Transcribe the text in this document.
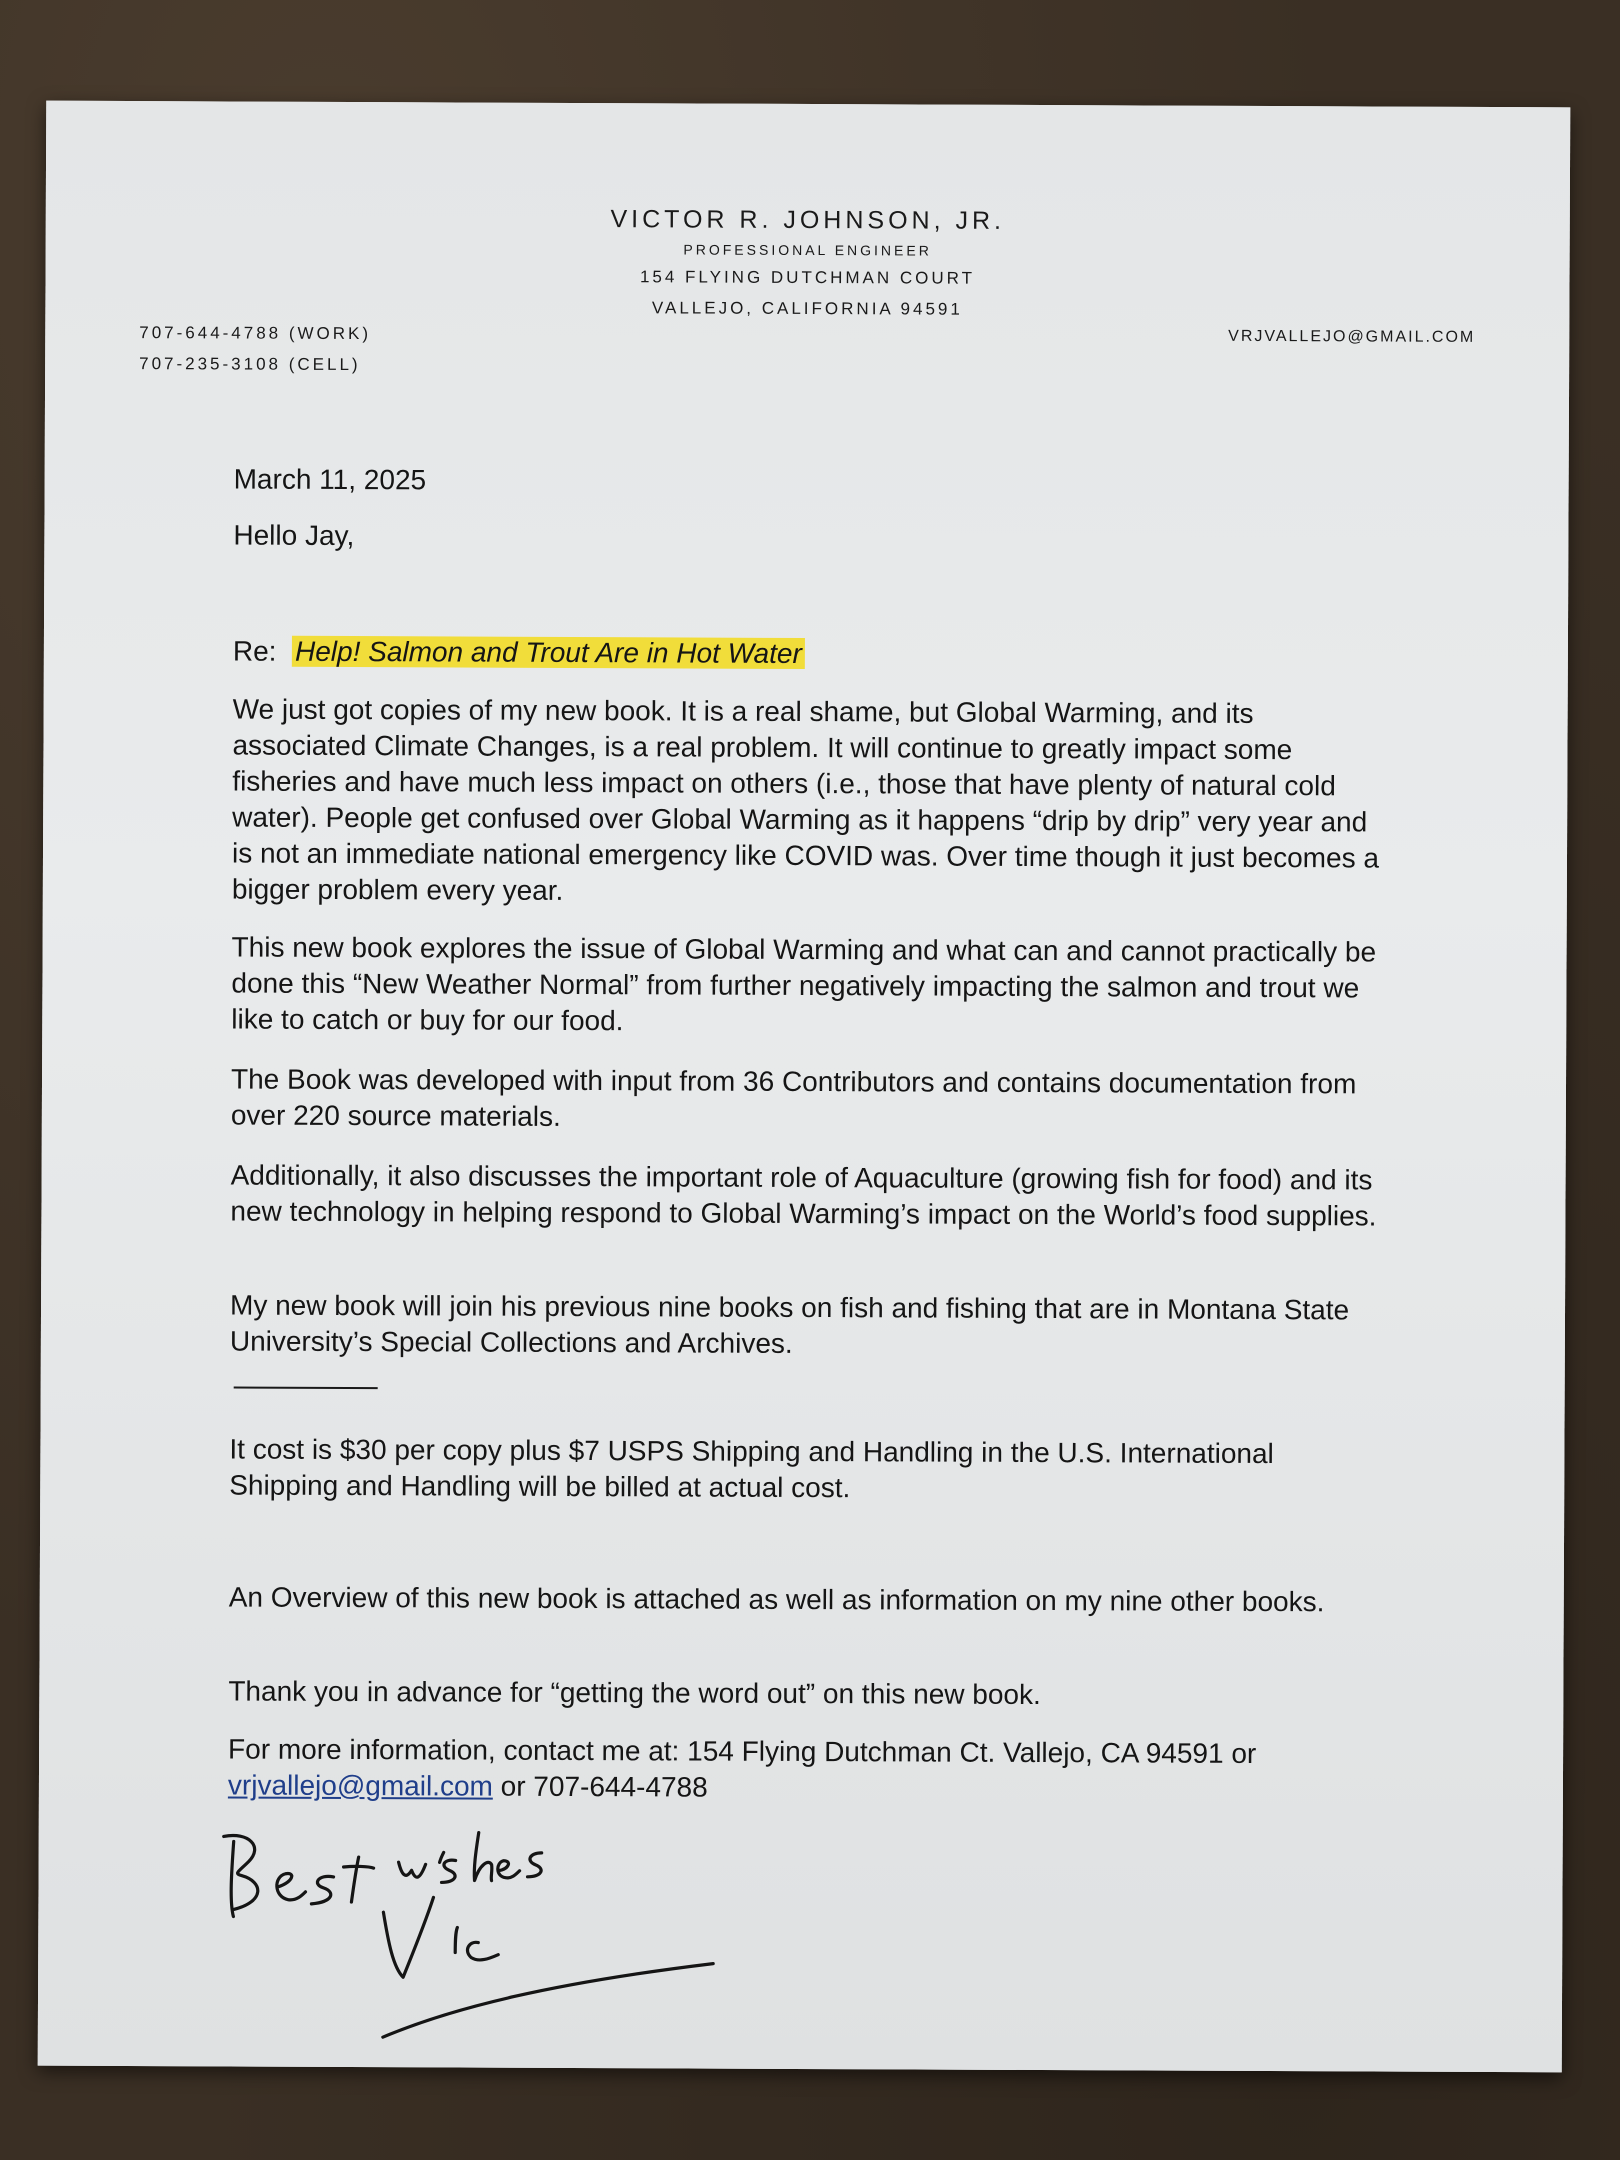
VICTOR R. JOHNSON, JR.
PROFESSIONAL ENGINEER
154 FLYING DUTCHMAN COURT
VALLEJO, CALIFORNIA 94591
707-644-4788 (WORK)
707-235-3108 (CELL)
VRJVALLEJO@GMAIL.COM
March 11, 2025
Hello Jay,
Re: Help! Salmon and Trout Are in Hot Water
We just got copies of my new book. It is a real shame, but Global Warming, and its associated Climate Changes, is a real problem. It will continue to greatly impact some fisheries and have much less impact on others (i.e., those that have plenty of natural cold water). People get confused over Global Warming as it happens “drip by drip” very year and is not an immediate national emergency like COVID was. Over time though it just becomes a bigger problem every year.
This new book explores the issue of Global Warming and what can and cannot practically be done this “New Weather Normal” from further negatively impacting the salmon and trout we like to catch or buy for our food.
The Book was developed with input from 36 Contributors and contains documentation from over 220 source materials.
Additionally, it also discusses the important role of Aquaculture (growing fish for food) and its new technology in helping respond to Global Warming’s impact on the World’s food supplies.
My new book will join his previous nine books on fish and fishing that are in Montana State University’s Special Collections and Archives.
It cost is $30 per copy plus $7 USPS Shipping and Handling in the U.S. International Shipping and Handling will be billed at actual cost.
An Overview of this new book is attached as well as information on my nine other books.
Thank you in advance for “getting the word out” on this new book.
For more information, contact me at: 154 Flying Dutchman Ct. Vallejo, CA 94591 or vrjvallejo@gmail.com or 707-644-4788
